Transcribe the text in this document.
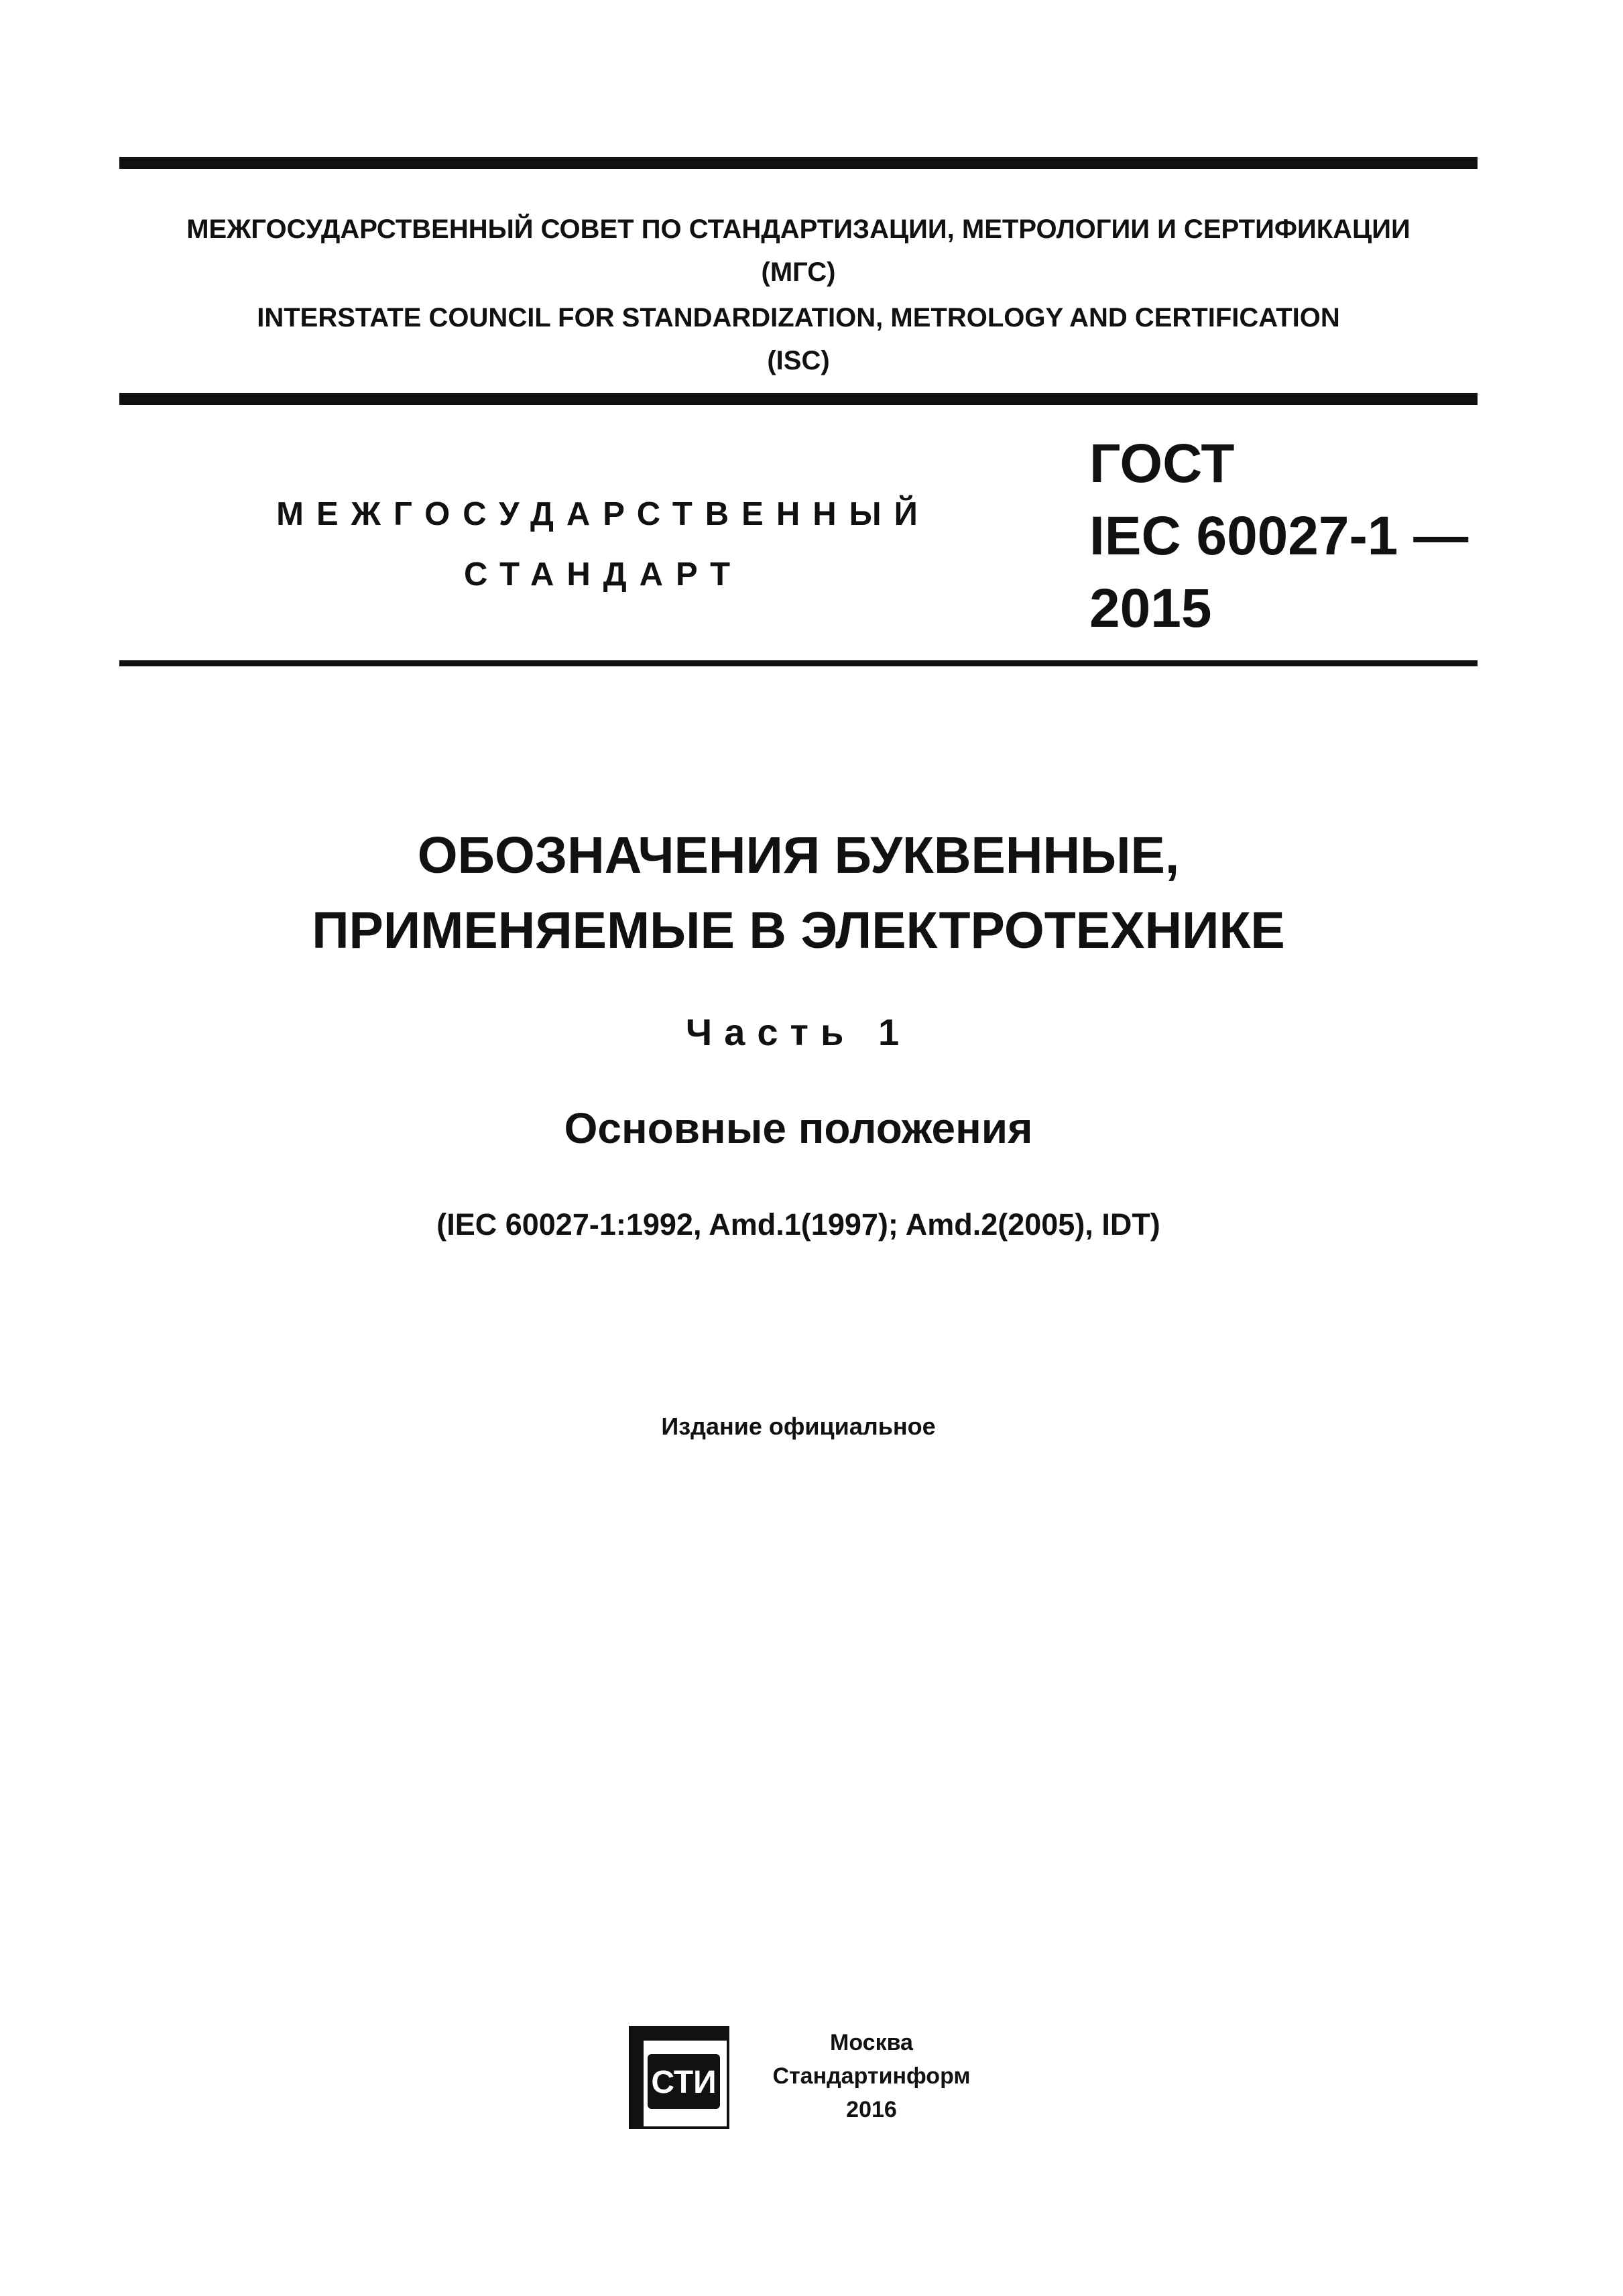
МЕЖГОСУДАРСТВЕННЫЙ СОВЕТ ПО СТАНДАРТИЗАЦИИ, МЕТРОЛОГИИ И СЕРТИФИКАЦИИ
(МГС)
INTERSTATE COUNCIL FOR STANDARDIZATION, METROLOGY AND CERTIFICATION
(ISC)
МЕЖГОСУДАРСТВЕННЫЙ
СТАНДАРТ
ГОСТ
IEC 60027-1 —
2015
ОБОЗНАЧЕНИЯ БУКВЕННЫЕ,
ПРИМЕНЯЕМЫЕ В ЭЛЕКТРОТЕХНИКЕ
Часть 1
Основные положения
(IEC 60027-1:1992, Amd.1(1997); Amd.2(2005), IDT)
Издание официальное
СТИ
Москва
Стандартинформ
2016
